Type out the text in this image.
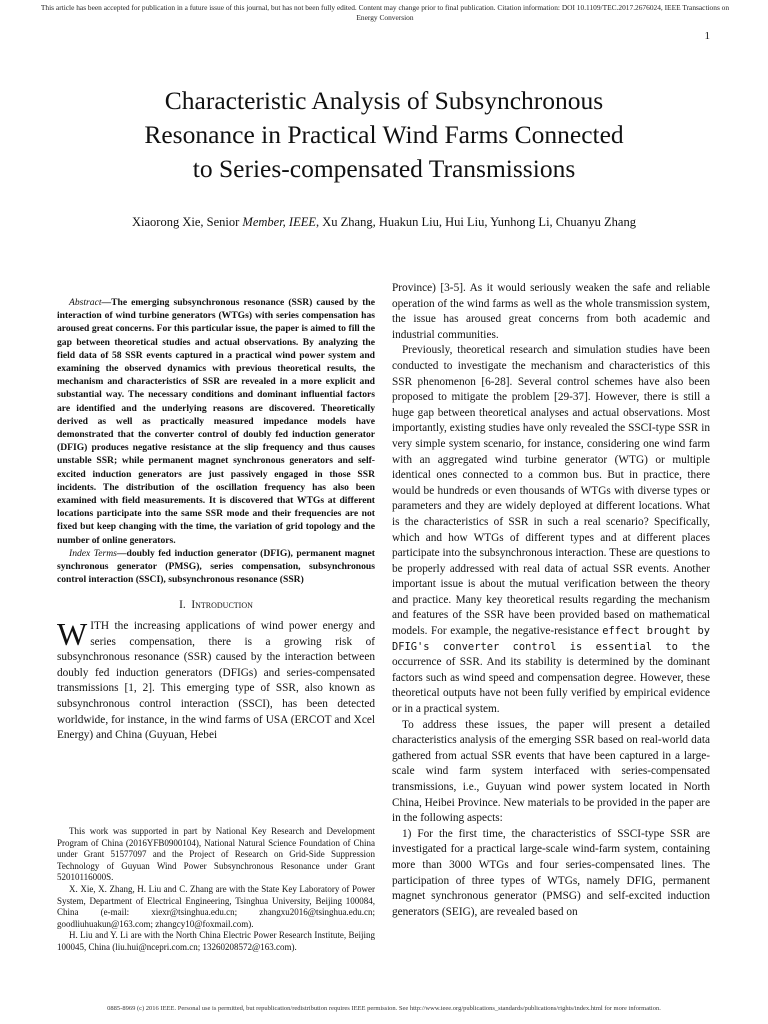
This article has been accepted for publication in a future issue of this journal, but has not been fully edited. Content may change prior to final publication. Citation information: DOI 10.1109/TEC.2017.2676024, IEEE Transactions on Energy Conversion
1
Characteristic Analysis of Subsynchronous
Resonance in Practical Wind Farms Connected
to Series-compensated Transmissions
Xiaorong Xie, Senior Member, IEEE, Xu Zhang, Huakun Liu, Hui Liu, Yunhong Li, Chuanyu Zhang

Abstract—The emerging subsynchronous resonance (SSR) caused by the interaction of wind turbine generators (WTGs) with series compensation has aroused great concerns. For this particular issue, the paper is aimed to fill the gap between theoretical studies and actual observations. By analyzing the field data of 58 SSR events captured in a practical wind power system and examining the observed dynamics with previous theoretical results, the mechanism and characteristics of SSR are revealed in a more explicit and substantial way. The necessary conditions and dominant influential factors are identified and the underlying reasons are discovered. Theoretically derived as well as practically measured impedance models have demonstrated that the converter control of doubly fed induction generator (DFIG) produces negative resistance at the slip frequency and thus causes unstable SSR; while permanent magnet synchronous generators and self-excited induction generators are just passively engaged in those SSR incidents. The distribution of the oscillation frequency has also been examined with field measurements. It is discovered that WTGs at different locations participate into the same SSR mode and their frequencies are not fixed but keep changing with the time, the variation of grid topology and the number of online generators.

Index Terms—doubly fed induction generator (DFIG), permanent magnet synchronous generator (PMSG), series compensation, subsynchronous control interaction (SSCI), subsynchronous resonance (SSR)

I. Introduction

WITH the increasing applications of wind power energy and series compensation, there is a growing risk of subsynchronous resonance (SSR) caused by the interaction between doubly fed induction generators (DFIGs) and series-compensated transmissions [1, 2]. This emerging type of SSR, also known as subsynchronous control interaction (SSCI), has been detected worldwide, for instance, in the wind farms of USA (ERCOT and Xcel Energy) and China (Guyuan, Hebei

This work was supported in part by National Key Research and Development Program of China (2016YFB0900104), National Natural Science Foundation of China under Grant 51577097 and the Project of Research on Grid-Side Suppression Technology of Guyuan Wind Power Subsynchronous Resonance under Grant 52010116000S.

X. Xie, X. Zhang, H. Liu and C. Zhang are with the State Key Laboratory of Power System, Department of Electrical Engineering, Tsinghua University, Beijing 100084, China (e-mail: xiexr@tsinghua.edu.cn; zhangxu2016@tsinghua.edu.cn; goodliuhuakun@163.com; zhangcy10@foxmail.com).

H. Liu and Y. Li are with the North China Electric Power Research Institute, Beijing 100045, China (liu.hui@ncepri.com.cn; 13260208572@163.com).

Province) [3-5]. As it would seriously weaken the safe and reliable operation of the wind farms as well as the whole transmission system, the issue has aroused great concerns from both academic and industrial communities.

Previously, theoretical research and simulation studies have been conducted to investigate the mechanism and characteristics of this SSR phenomenon [6-28]. Several control schemes have also been proposed to mitigate the problem [29-37]. However, there is still a huge gap between theoretical analyses and actual observations. Most importantly, existing studies have only revealed the SSCI-type SSR in very simple system scenario, for instance, considering one wind farm with an aggregated wind turbine generator (WTG) or multiple identical ones connected to a common bus. But in practice, there would be hundreds or even thousands of WTGs with diverse types or parameters and they are widely deployed at different locations. What is the characteristics of SSR in such a real scenario? Specifically, which and how WTGs of different types and at different places participate into the subsynchronous interaction. These are questions to be properly addressed with real data of actual SSR events. Another important issue is about the mutual verification between the theory and practice. Many key theoretical results regarding the mechanism and features of the SSR have been provided based on mathematical models. For example, the negative-resistance effect brought by DFIG's converter control is essential to the occurrence of SSR. And its stability is determined by the dominant factors such as wind speed and compensation degree. However, these theoretical outputs have not been fully verified by empirical evidence or in a practical system.

To address these issues, the paper will present a detailed characteristics analysis of the emerging SSR based on real-world data gathered from actual SSR events that have been captured in a large-scale wind farm system interfaced with series-compensated transmissions, i.e., Guyuan wind power system located in North China, Heibei Province. New materials to be provided in the paper are in the following aspects:

1) For the first time, the characteristics of SSCI-type SSR are investigated for a practical large-scale wind-farm system, containing more than 3000 WTGs and four series-compensated lines. The participation of three types of WTGs, namely DFIG, permanent magnet synchronous generator (PMSG) and self-excited induction generators (SEIG), are revealed based on

0885-8969 (c) 2016 IEEE. Personal use is permitted, but republication/redistribution requires IEEE permission. See http://www.ieee.org/publications_standards/publications/rights/index.html for more information.
